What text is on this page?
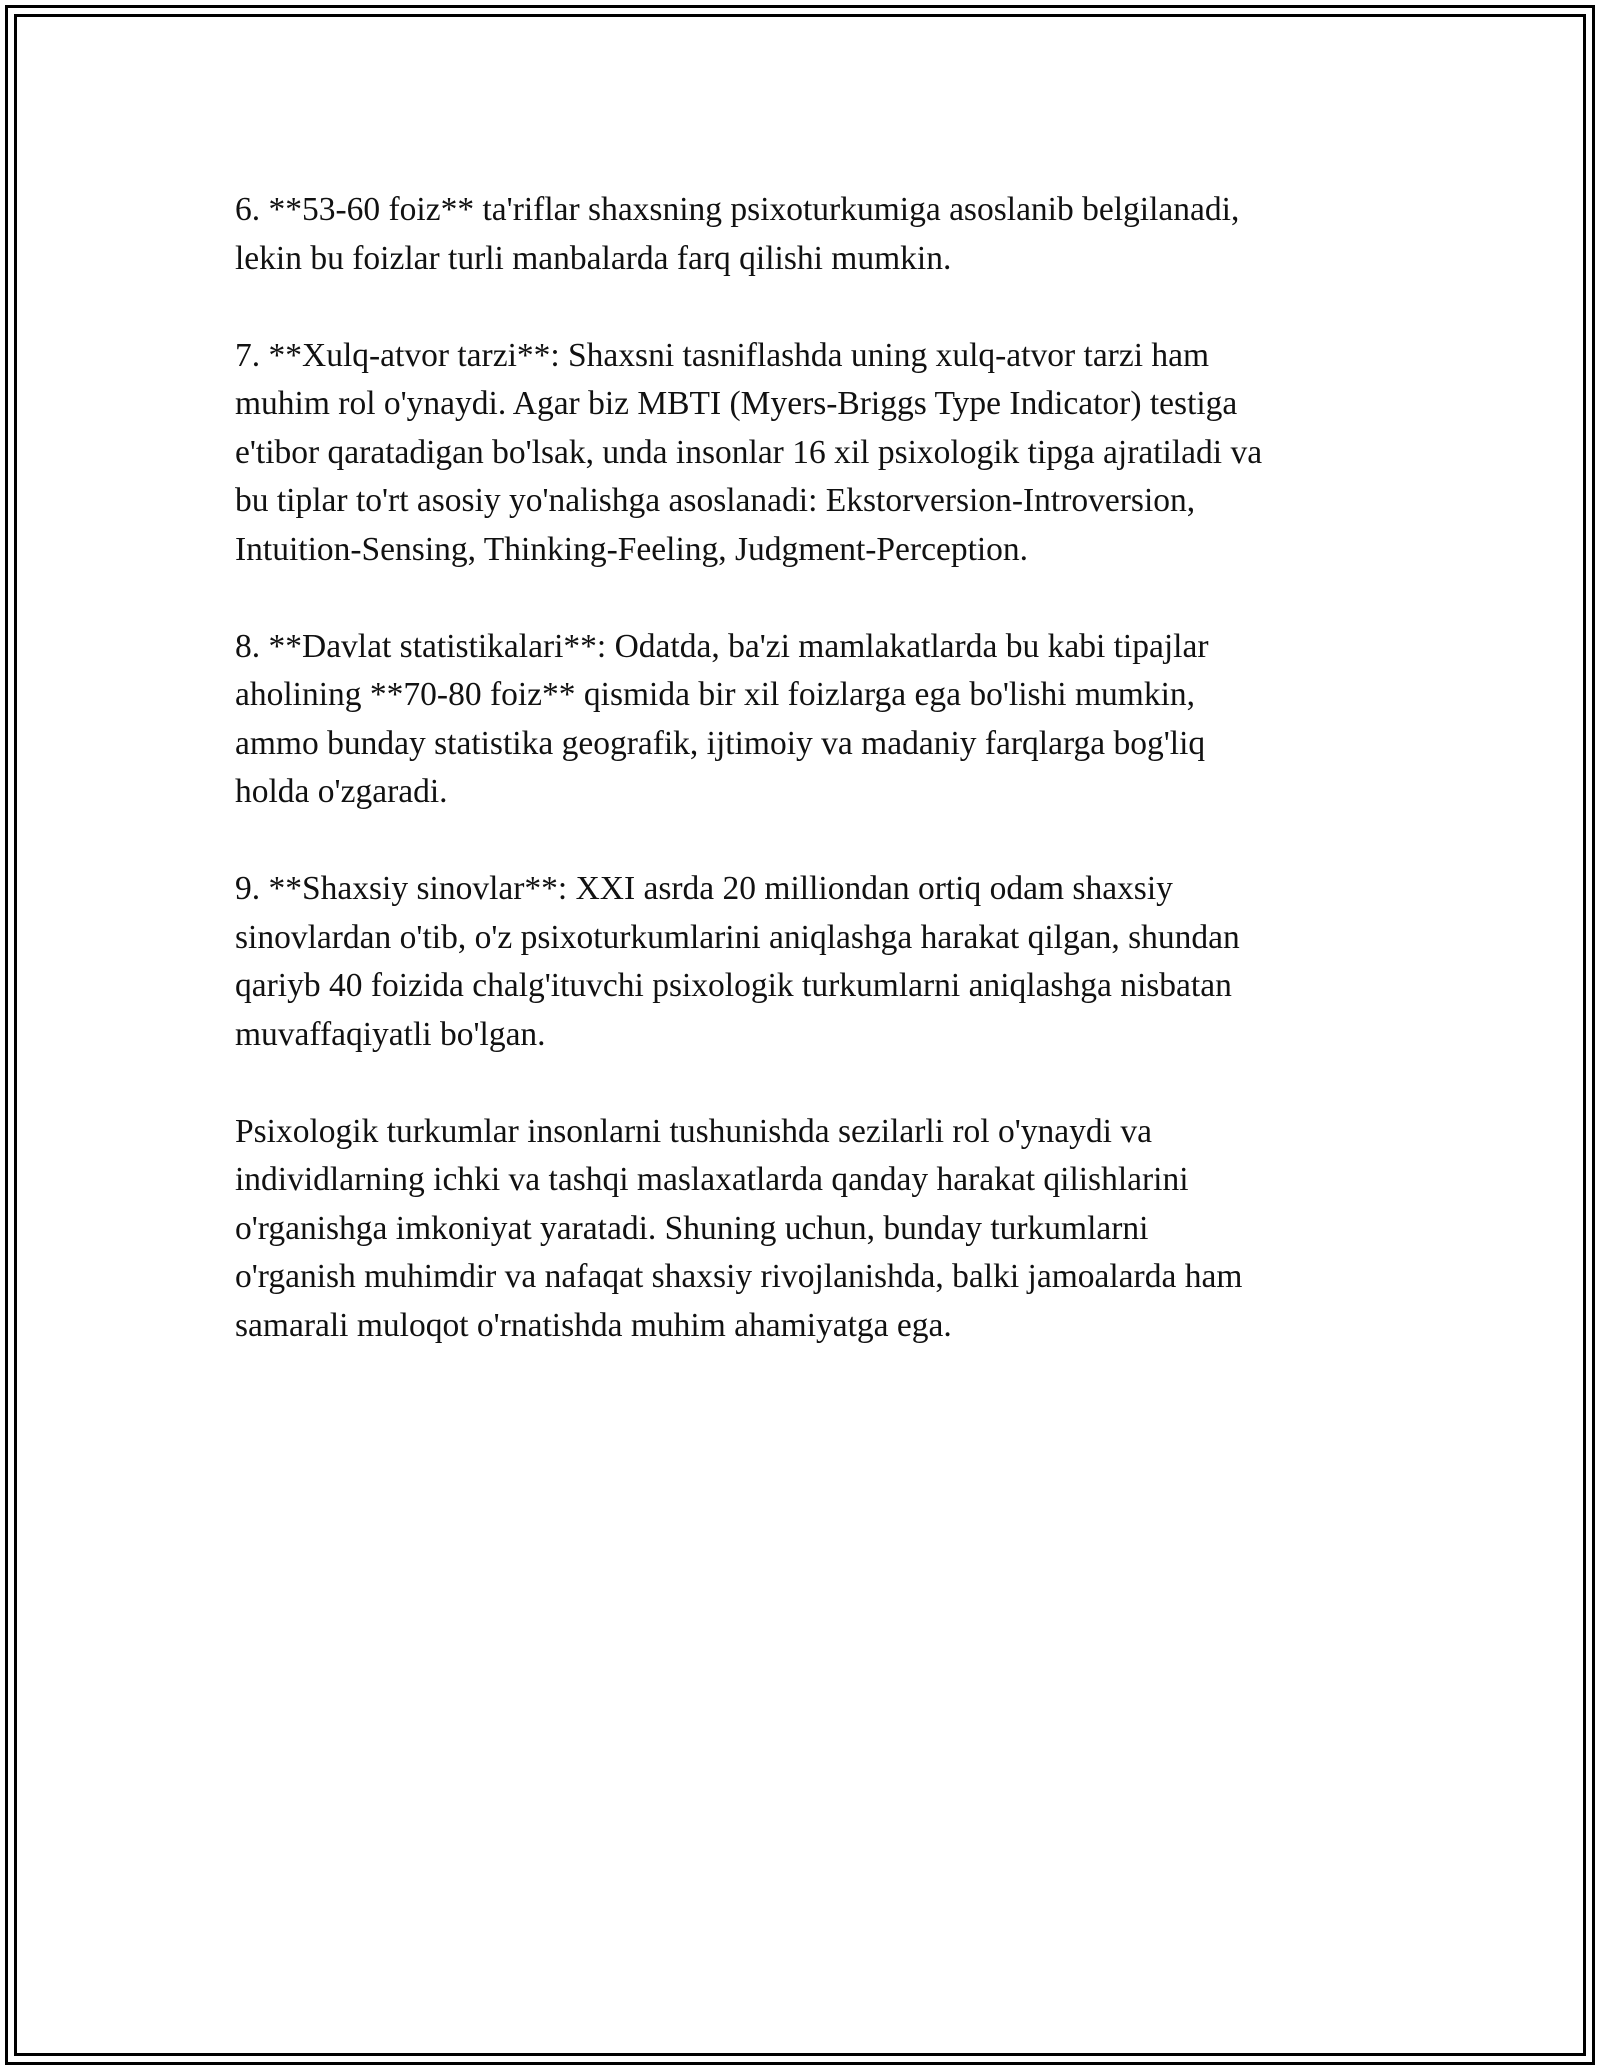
6. **53-60 foiz** ta'riflar shaxsning psixoturkumiga asoslanib belgilanadi,
lekin bu foizlar turli manbalarda farq qilishi mumkin.

7. **Xulq-atvor tarzi**: Shaxsni tasniflashda uning xulq-atvor tarzi ham
muhim rol o'ynaydi. Agar biz MBTI (Myers-Briggs Type Indicator) testiga
e'tibor qaratadigan bo'lsak, unda insonlar 16 xil psixologik tipga ajratiladi va
bu tiplar to'rt asosiy yo'nalishga asoslanadi: Ekstorversion-Introversion,
Intuition-Sensing, Thinking-Feeling, Judgment-Perception.

8. **Davlat statistikalari**: Odatda, ba'zi mamlakatlarda bu kabi tipajlar
aholining **70-80 foiz** qismida bir xil foizlarga ega bo'lishi mumkin,
ammo bunday statistika geografik, ijtimoiy va madaniy farqlarga bog'liq
holda o'zgaradi.

9. **Shaxsiy sinovlar**: XXI asrda 20 milliondan ortiq odam shaxsiy
sinovlardan o'tib, o'z psixoturkumlarini aniqlashga harakat qilgan, shundan
qariyb 40 foizida chalg'ituvchi psixologik turkumlarni aniqlashga nisbatan
muvaffaqiyatli bo'lgan.

Psixologik turkumlar insonlarni tushunishda sezilarli rol o'ynaydi va
individlarning ichki va tashqi maslaxatlarda qanday harakat qilishlarini
o'rganishga imkoniyat yaratadi. Shuning uchun, bunday turkumlarni
o'rganish muhimdir va nafaqat shaxsiy rivojlanishda, balki jamoalarda ham
samarali muloqot o'rnatishda muhim ahamiyatga ega.
